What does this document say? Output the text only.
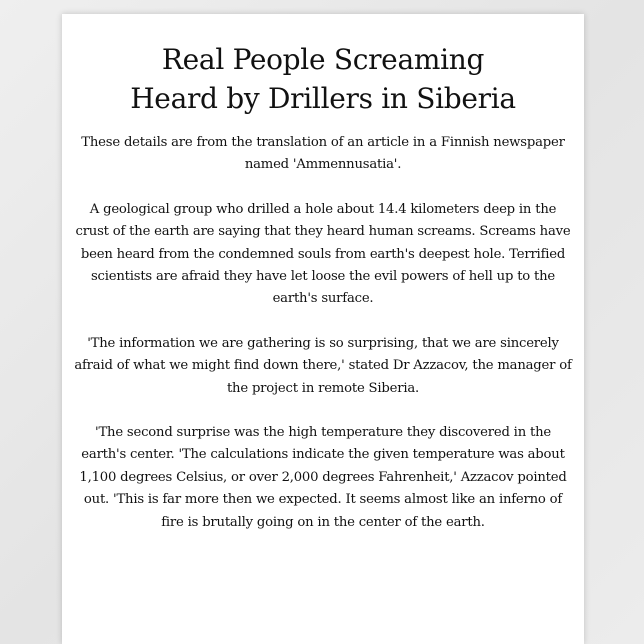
Real People Screaming
Heard by Drillers in Siberia

These details are from the translation of an article in a Finnish newspaper named 'Ammennusatia'.

A geological group who drilled a hole about 14.4 kilometers deep in the crust of the earth are saying that they heard human screams. Screams have been heard from the condemned souls from earth's deepest hole. Terrified scientists are afraid they have let loose the evil powers of hell up to the earth's surface.

'The information we are gathering is so surprising, that we are sincerely afraid of what we might find down there,' stated Dr Azzacov, the manager of the project in remote Siberia.

'The second surprise was the high temperature they discovered in the earth's center. 'The calculations indicate the given temperature was about 1,100 degrees Celsius, or over 2,000 degrees Fahrenheit,' Azzacov pointed out. 'This is far more then we expected. It seems almost like an inferno of fire is brutally going on in the center of the earth.
